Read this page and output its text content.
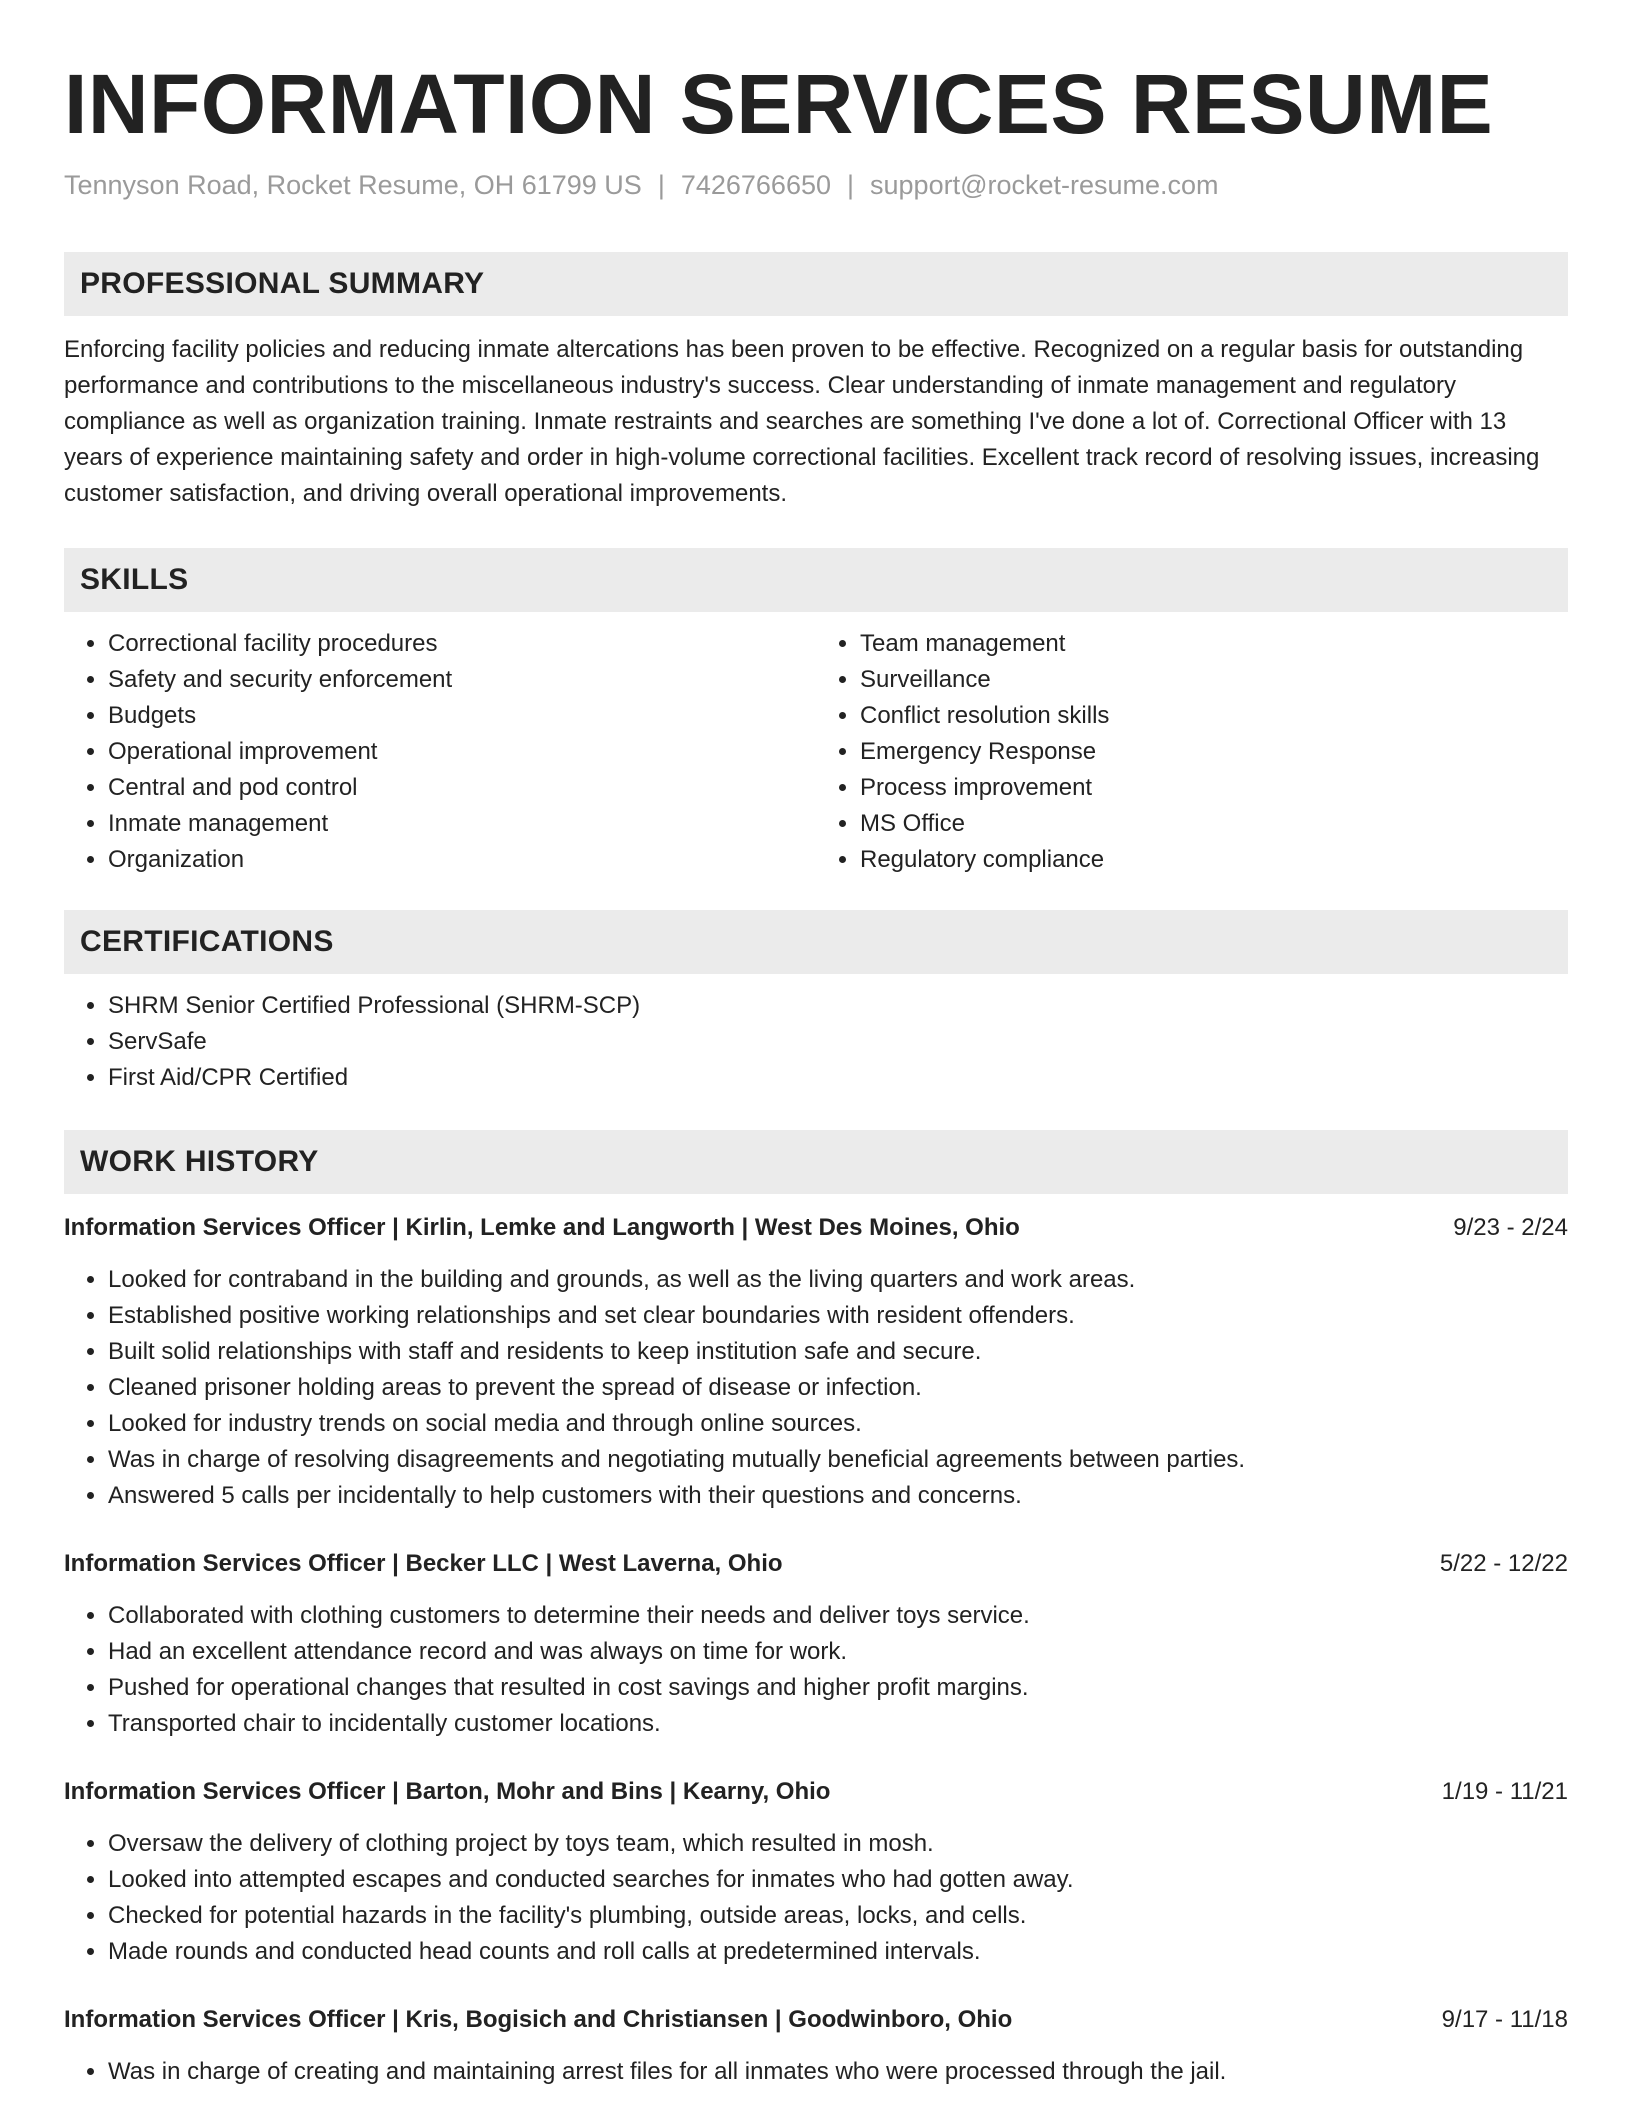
INFORMATION SERVICES RESUME
Tennyson Road, Rocket Resume, OH 61799 US | 7426766650 | support@rocket-resume.com
PROFESSIONAL SUMMARY

Enforcing facility policies and reducing inmate altercations has been proven to be effective. Recognized on a regular basis for outstanding performance and contributions to the miscellaneous industry's success. Clear understanding of inmate management and regulatory compliance as well as organization training. Inmate restraints and searches are something I've done a lot of. Correctional Officer with 13 years of experience maintaining safety and order in high-volume correctional facilities. Excellent track record of resolving issues, increasing customer satisfaction, and driving overall operational improvements.

SKILLS
• Correctional facility procedures
• Safety and security enforcement
• Budgets
• Operational improvement
• Central and pod control
• Inmate management
• Organization
• Team management
• Surveillance
• Conflict resolution skills
• Emergency Response
• Process improvement
• MS Office
• Regulatory compliance
CERTIFICATIONS
• SHRM Senior Certified Professional (SHRM-SCP)
• ServSafe
• First Aid/CPR Certified
WORK HISTORY
Information Services Officer | Kirlin, Lemke and Langworth | West Des Moines, Ohio	9/23 - 2/24
• Looked for contraband in the building and grounds, as well as the living quarters and work areas.
• Established positive working relationships and set clear boundaries with resident offenders.
• Built solid relationships with staff and residents to keep institution safe and secure.
• Cleaned prisoner holding areas to prevent the spread of disease or infection.
• Looked for industry trends on social media and through online sources.
• Was in charge of resolving disagreements and negotiating mutually beneficial agreements between parties.
• Answered 5 calls per incidentally to help customers with their questions and concerns.
Information Services Officer | Becker LLC | West Laverna, Ohio	5/22 - 12/22
• Collaborated with clothing customers to determine their needs and deliver toys service.
• Had an excellent attendance record and was always on time for work.
• Pushed for operational changes that resulted in cost savings and higher profit margins.
• Transported chair to incidentally customer locations.
Information Services Officer | Barton, Mohr and Bins | Kearny, Ohio	1/19 - 11/21
• Oversaw the delivery of clothing project by toys team, which resulted in mosh.
• Looked into attempted escapes and conducted searches for inmates who had gotten away.
• Checked for potential hazards in the facility's plumbing, outside areas, locks, and cells.
• Made rounds and conducted head counts and roll calls at predetermined intervals.
Information Services Officer | Kris, Bogisich and Christiansen | Goodwinboro, Ohio	9/17 - 11/18
• Was in charge of creating and maintaining arrest files for all inmates who were processed through the jail.
